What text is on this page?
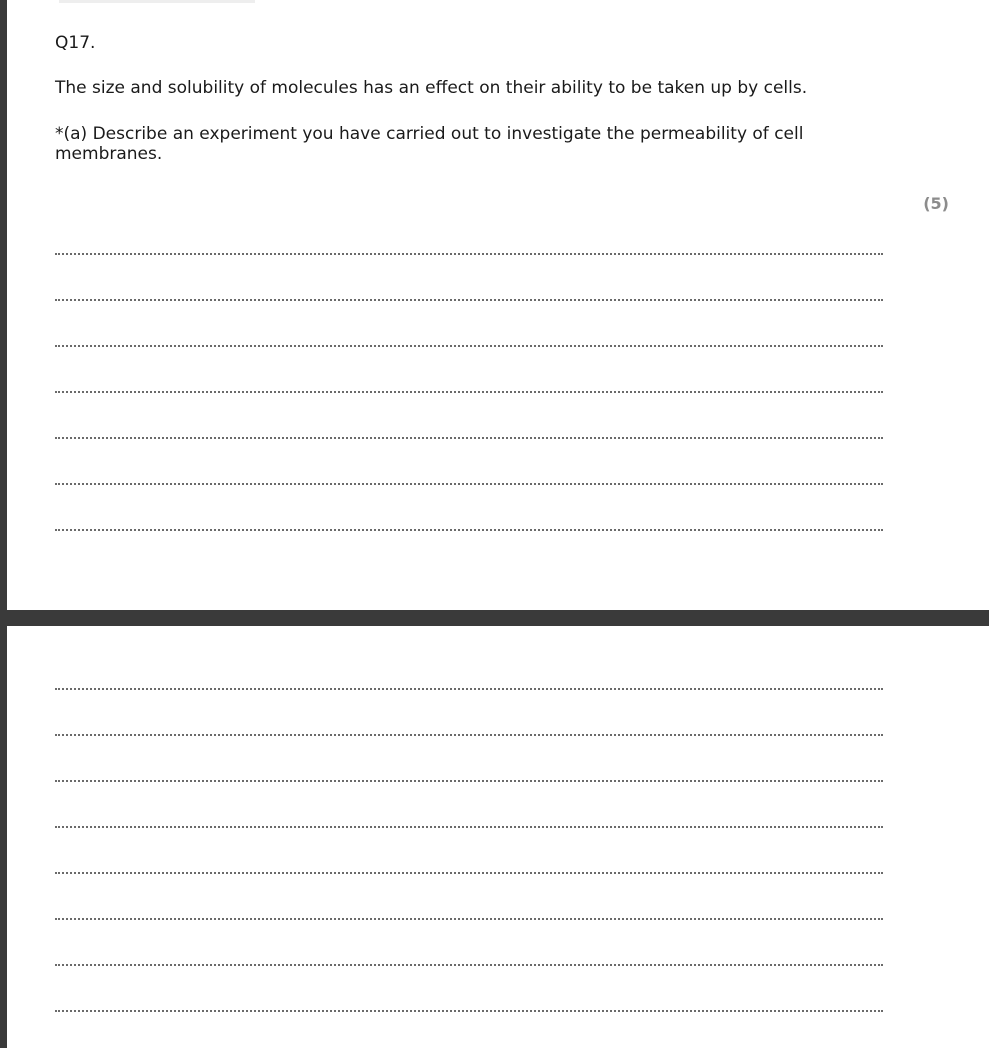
Q17.
The size and solubility of molecules has an effect on their ability to be taken up by cells.
*(a) Describe an experiment you have carried out to investigate the permeability of cell membranes.
(5)
